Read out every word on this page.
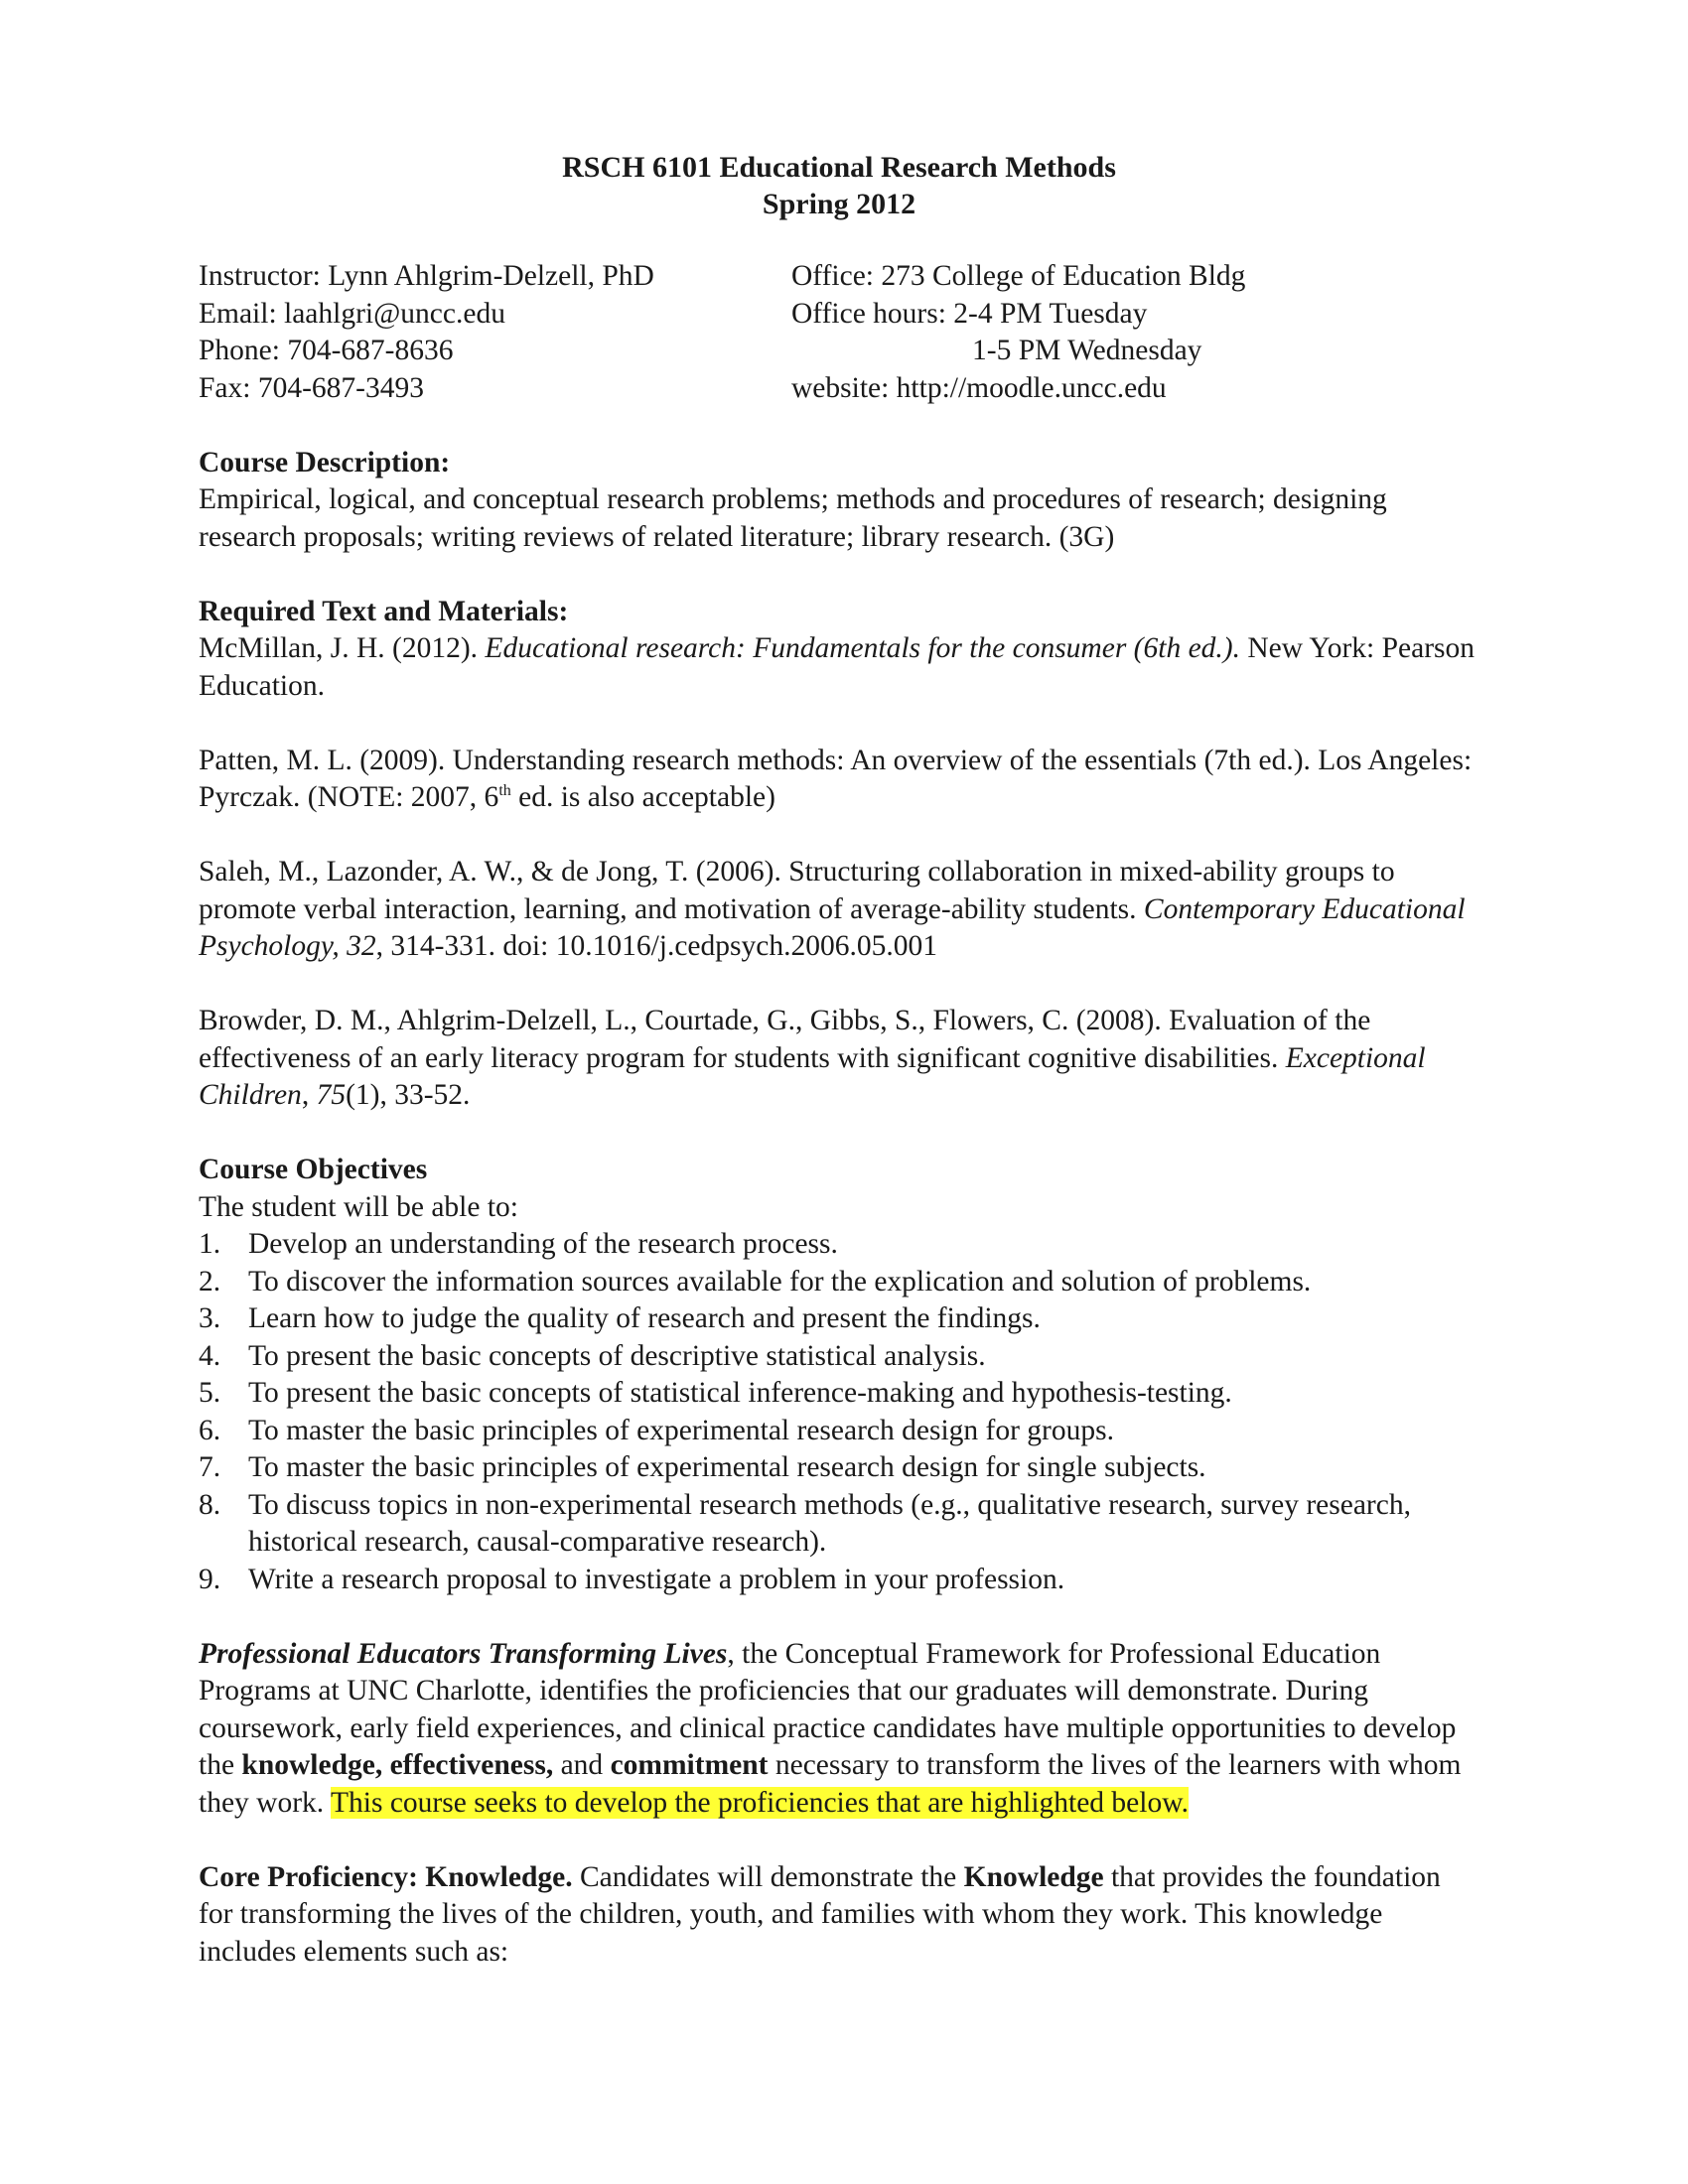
RSCH 6101 Educational Research Methods
Spring 2012
Instructor: Lynn Ahlgrim-Delzell, PhD
Email: laahlgri@uncc.edu
Phone: 704-687-8636
Fax: 704-687-3493
Office: 273 College of Education Bldg
Office hours: 2-4 PM Tuesday
1-5 PM Wednesday
website: http://moodle.uncc.edu
Course Description:
Empirical, logical, and conceptual research problems; methods and procedures of research; designing research proposals; writing reviews of related literature; library research. (3G)
Required Text and Materials:

McMillan, J. H. (2012). Educational research: Fundamentals for the consumer (6th ed.). New York: Pearson Education.

Patten, M. L. (2009). Understanding research methods: An overview of the essentials (7th ed.). Los Angeles: Pyrczak. (NOTE: 2007, 6th ed. is also acceptable)

Saleh, M., Lazonder, A. W., & de Jong, T. (2006). Structuring collaboration in mixed-ability groups to promote verbal interaction, learning, and motivation of average-ability students. Contemporary Educational Psychology, 32, 314-331. doi: 10.1016/j.cedpsych.2006.05.001

Browder, D. M., Ahlgrim-Delzell, L., Courtade, G., Gibbs, S., Flowers, C. (2008). Evaluation of the effectiveness of an early literacy program for students with significant cognitive disabilities. Exceptional Children, 75(1), 33-52.

Course Objectives
The student will be able to:
1. Develop an understanding of the research process.
2. To discover the information sources available for the explication and solution of problems.
3. Learn how to judge the quality of research and present the findings.
4. To present the basic concepts of descriptive statistical analysis.
5. To present the basic concepts of statistical inference-making and hypothesis-testing.
6. To master the basic principles of experimental research design for groups.
7. To master the basic principles of experimental research design for single subjects.
8. To discuss topics in non-experimental research methods (e.g., qualitative research, survey research, historical research, causal-comparative research).
9. Write a research proposal to investigate a problem in your profession.
Professional Educators Transforming Lives, the Conceptual Framework for Professional Education Programs at UNC Charlotte, identifies the proficiencies that our graduates will demonstrate. During coursework, early field experiences, and clinical practice candidates have multiple opportunities to develop the knowledge, effectiveness, and commitment necessary to transform the lives of the learners with whom they work. This course seeks to develop the proficiencies that are highlighted below.
Core Proficiency: Knowledge. Candidates will demonstrate the Knowledge that provides the foundation for transforming the lives of the children, youth, and families with whom they work. This knowledge includes elements such as:
